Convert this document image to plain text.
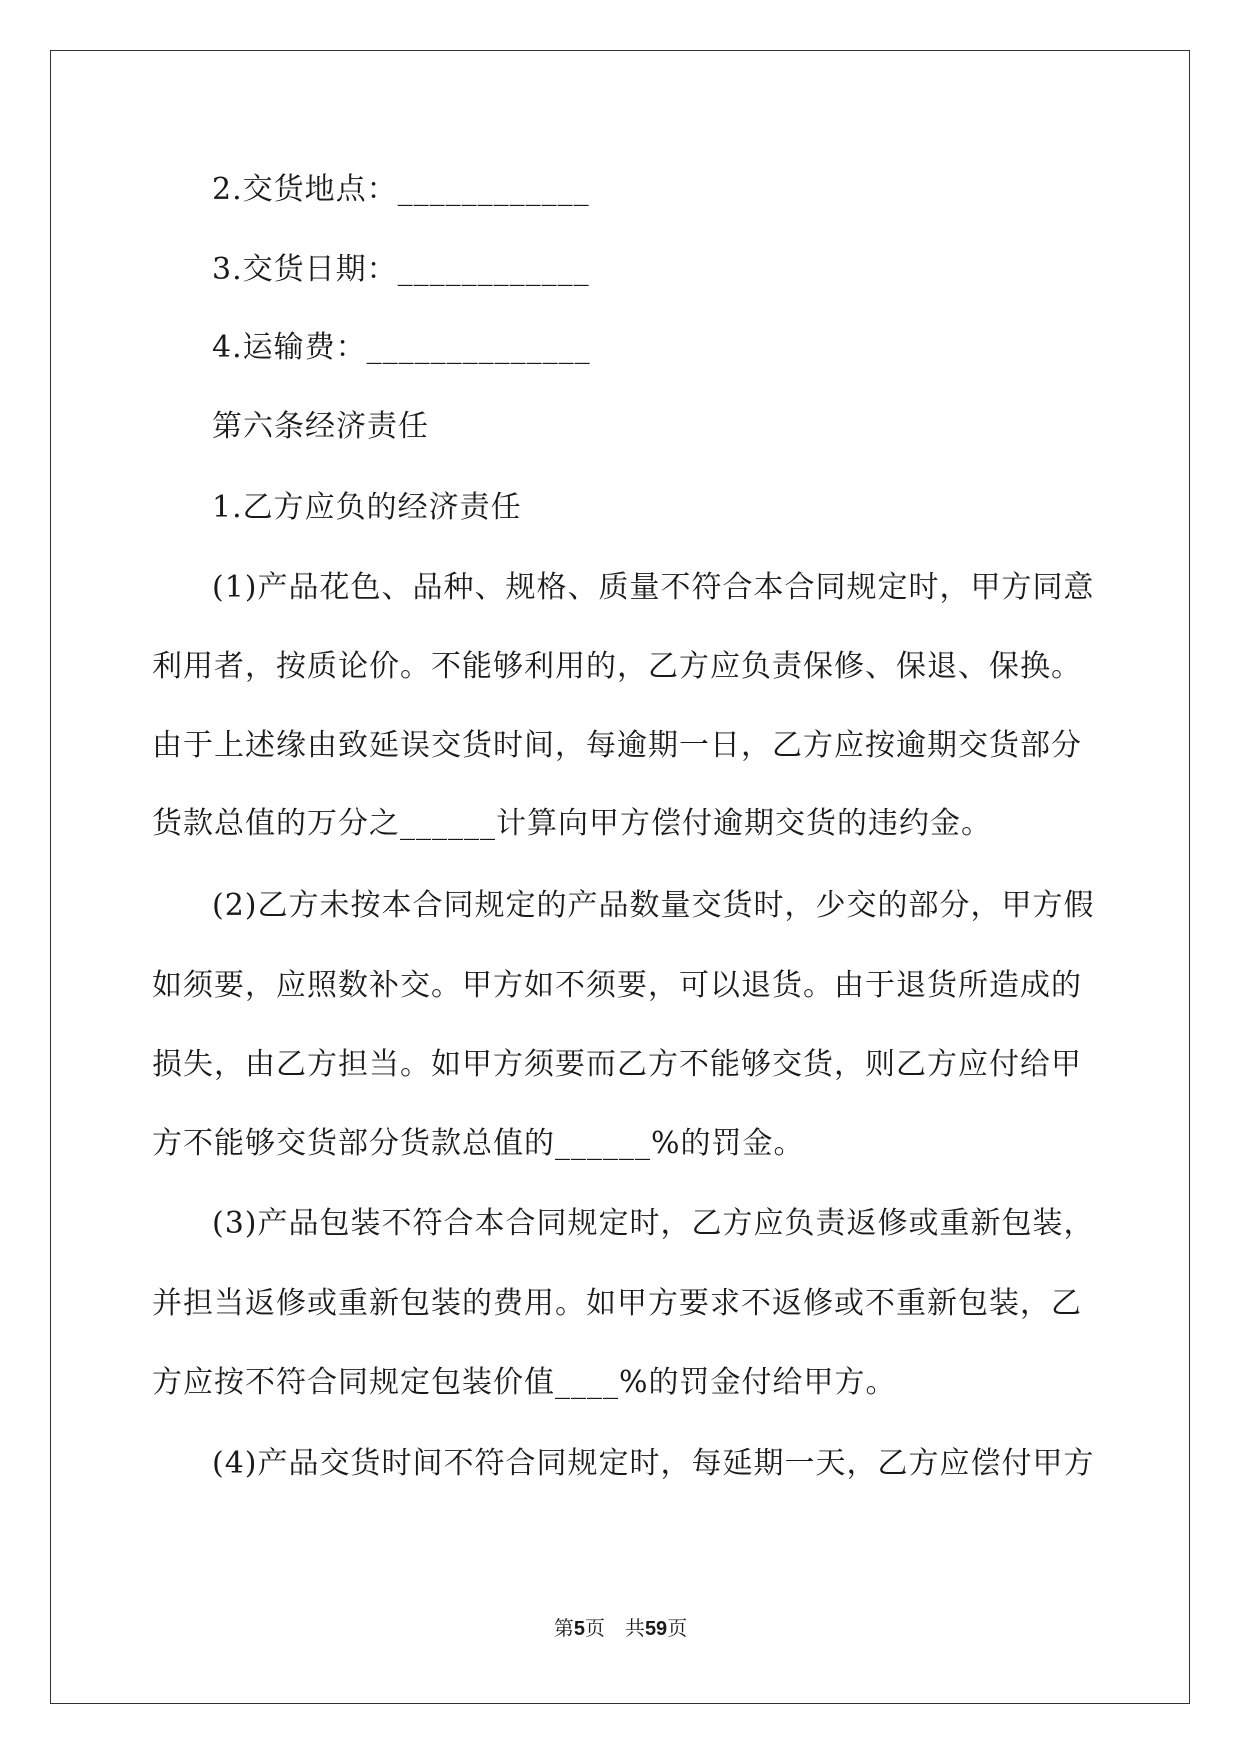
2.交货地点：____________
3.交货日期：____________
4.运输费：______________
第六条经济责任
1.乙方应负的经济责任
(1)产品花色、品种、规格、质量不符合本合同规定时，甲方同意
利用者，按质论价。不能够利用的，乙方应负责保修、保退、保换。
由于上述缘由致延误交货时间，每逾期一日，乙方应按逾期交货部分
货款总值的万分之______计算向甲方偿付逾期交货的违约金。
(2)乙方未按本合同规定的产品数量交货时，少交的部分，甲方假
如须要，应照数补交。甲方如不须要，可以退货。由于退货所造成的
损失，由乙方担当。如甲方须要而乙方不能够交货，则乙方应付给甲
方不能够交货部分货款总值的______%的罚金。
(3)产品包装不符合本合同规定时，乙方应负责返修或重新包装，
并担当返修或重新包装的费用。如甲方要求不返修或不重新包装，乙
方应按不符合同规定包装价值____%的罚金付给甲方。
(4)产品交货时间不符合同规定时，每延期一天，乙方应偿付甲方
第5页　共59页
